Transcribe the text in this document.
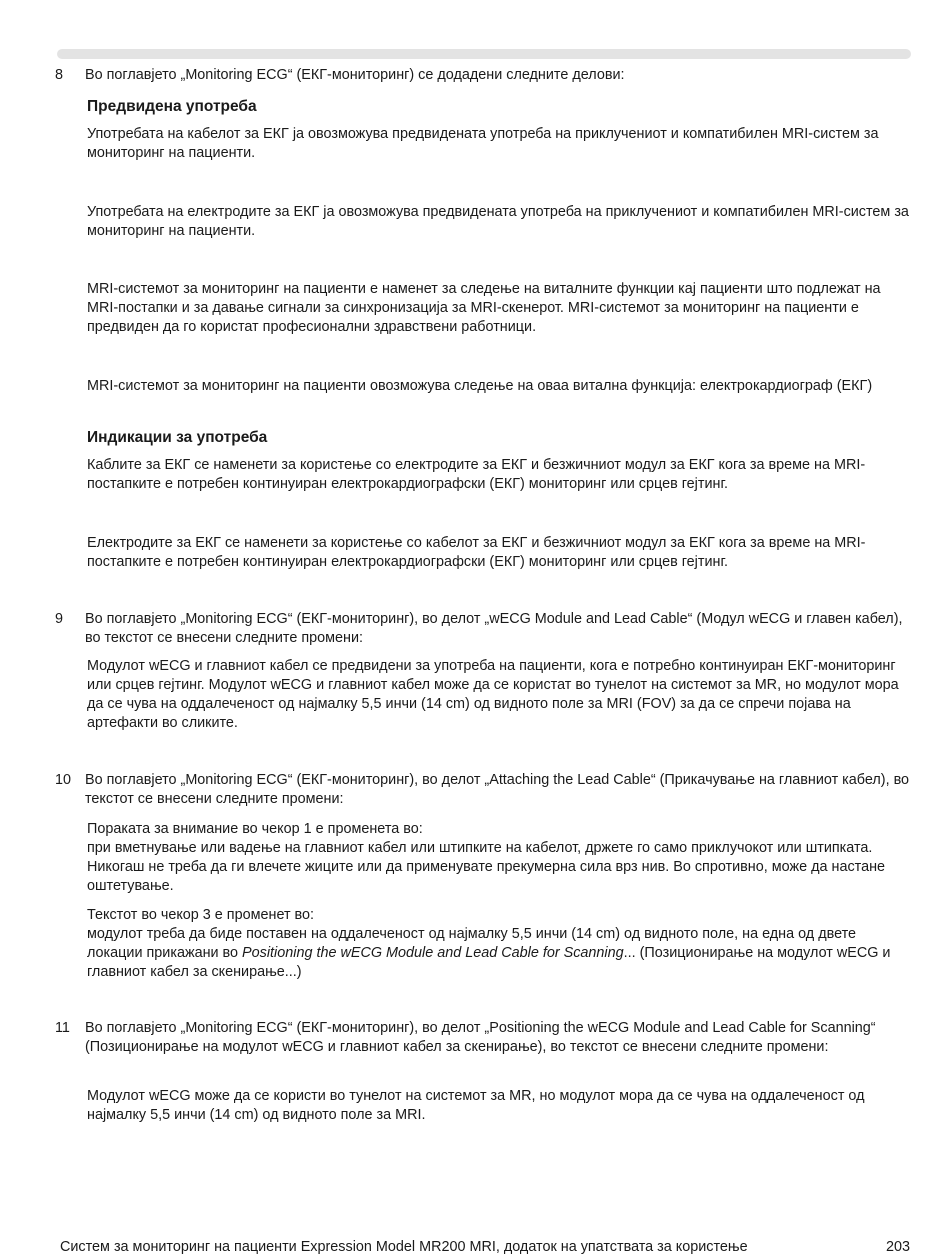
8	Во поглавјето „Monitoring ECG“ (ЕКГ-мониторинг) се додадени следните делови:

Предвидена употреба

Употребата на кабелот за ЕКГ ја овозможува предвидената употреба на приклучениот и компатибилен MRI-систем за мониторинг на пациенти.

Употребата на електродите за ЕКГ ја овозможува предвидената употреба на приклучениот и компатибилен MRI-систем за мониторинг на пациенти.

MRI-системот за мониторинг на пациенти е наменет за следење на виталните функции кај пациенти што подлежат на MRI-постапки и за давање сигнали за синхронизација за MRI-скенерот. MRI-системот за мониторинг на пациенти е предвиден да го користат професионални здравствени работници.

MRI-системот за мониторинг на пациенти овозможува следење на оваа витална функција: електрокардиограф (ЕКГ)

Индикации за употреба

Каблите за ЕКГ се наменети за користење со електродите за ЕКГ и безжичниот модул за ЕКГ кога за време на MRI-постапките е потребен континуиран електрокардиографски (ЕКГ) мониторинг или срцев гејтинг.

Електродите за ЕКГ се наменети за користење со кабелот за ЕКГ и безжичниот модул за ЕКГ кога за време на MRI-постапките е потребен континуиран електрокардиографски (ЕКГ) мониторинг или срцев гејтинг.

9	Во поглавјето „Monitoring ECG“ (ЕКГ-мониторинг), во делот „wECG Module and Lead Cable“ (Модул wECG и главен кабел), во текстот се внесени следните промени:

Модулот wECG и главниот кабел се предвидени за употреба на пациенти, кога е потребно континуиран ЕКГ-мониторинг или срцев гејтинг. Модулот wECG и главниот кабел може да се користат во тунелот на системот за MR, но модулот мора да се чува на оддалеченост од најмалку 5,5 инчи (14 cm) од видното поле за MRI (FOV) за да се спречи појава на артефакти во сликите.

10 Во поглавјето „Monitoring ECG“ (ЕКГ-мониторинг), во делот „Attaching the Lead Cable“ (Прикачување на главниот кабел), во текстот се внесени следните промени:

Пораката за внимание во чекор 1 е променета во:

при вметнување или вадење на главниот кабел или штипките на кабелот, држете го само приклучокот или штипката. Никогаш не треба да ги влечете жиците или да применувате прекумерна сила врз нив. Во спротивно, може да настане оштетување.

Текстот во чекор 3 е променет во:

модулот треба да биде поставен на оддалеченост од најмалку 5,5 инчи (14 cm) од видното поле, на една од двете локации прикажани во Positioning the wECG Module and Lead Cable for Scanning... (Позиционирање на модулот wECG и главниот кабел за скенирање...)

11	Во поглавјето „Monitoring ECG“ (ЕКГ-мониторинг), во делот „Positioning the wECG Module and Lead Cable for Scanning“ (Позиционирање на модулот wECG и главниот кабел за скенирање), во текстот се внесени следните промени:

Модулот wECG може да се користи во тунелот на системот за MR, но модулот мора да се чува на оддалеченост од најмалку 5,5 инчи (14 cm) од видното поле за MRI.

Систем за мониторинг на пациенти Expression Model MR200 MRI, додаток на упатствата за користење	203
